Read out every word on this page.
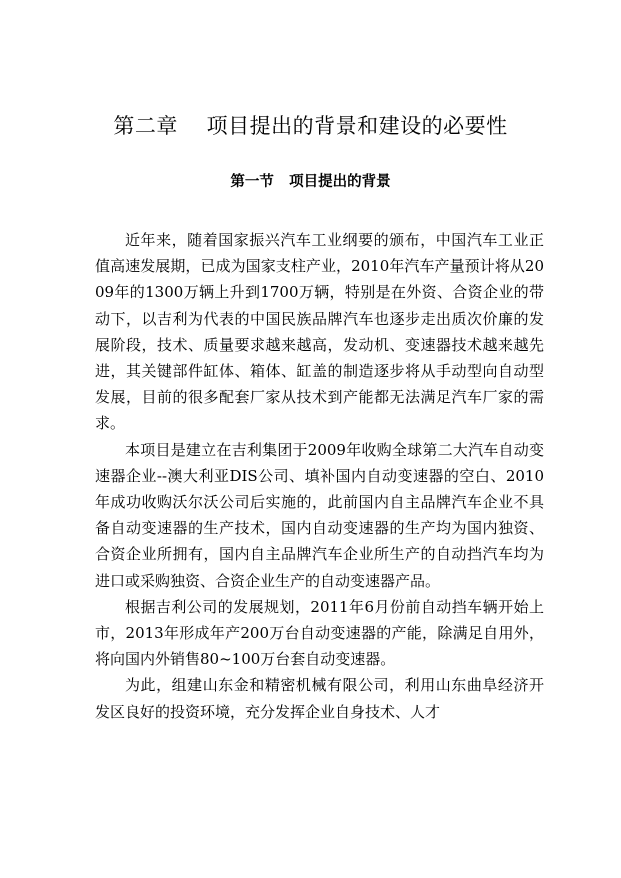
第二章    项目提出的背景和建设的必要性
第一节   项目提出的背景

近年来，随着国家振兴汽车工业纲要的颁布，中国汽车工业正值高速发展期，已成为国家支柱产业，2010年汽车产量预计将从2009年的1300万辆上升到1700万辆，特别是在外资、合资企业的带动下，以吉利为代表的中国民族品牌汽车也逐步走出质次价廉的发展阶段，技术、质量要求越来越高，发动机、变速器技术越来越先进，其关键部件缸体、箱体、缸盖的制造逐步将从手动型向自动型发展，目前的很多配套厂家从技术到产能都无法满足汽车厂家的需求。

本项目是建立在吉利集团于2009年收购全球第二大汽车自动变速器企业--澳大利亚DIS公司、填补国内自动变速器的空白、2010年成功收购沃尔沃公司后实施的，此前国内自主品牌汽车企业不具备自动变速器的生产技术，国内自动变速器的生产均为国内独资、合资企业所拥有，国内自主品牌汽车企业所生产的自动挡汽车均为进口或采购独资、合资企业生产的自动变速器产品。

根据吉利公司的发展规划，2011年6月份前自动挡车辆开始上市，2013年形成年产200万台自动变速器的产能，除满足自用外，将向国内外销售80~100万台套自动变速器。

为此，组建山东金和精密机械有限公司，利用山东曲阜经济开发区良好的投资环境，充分发挥企业自身技术、人才
